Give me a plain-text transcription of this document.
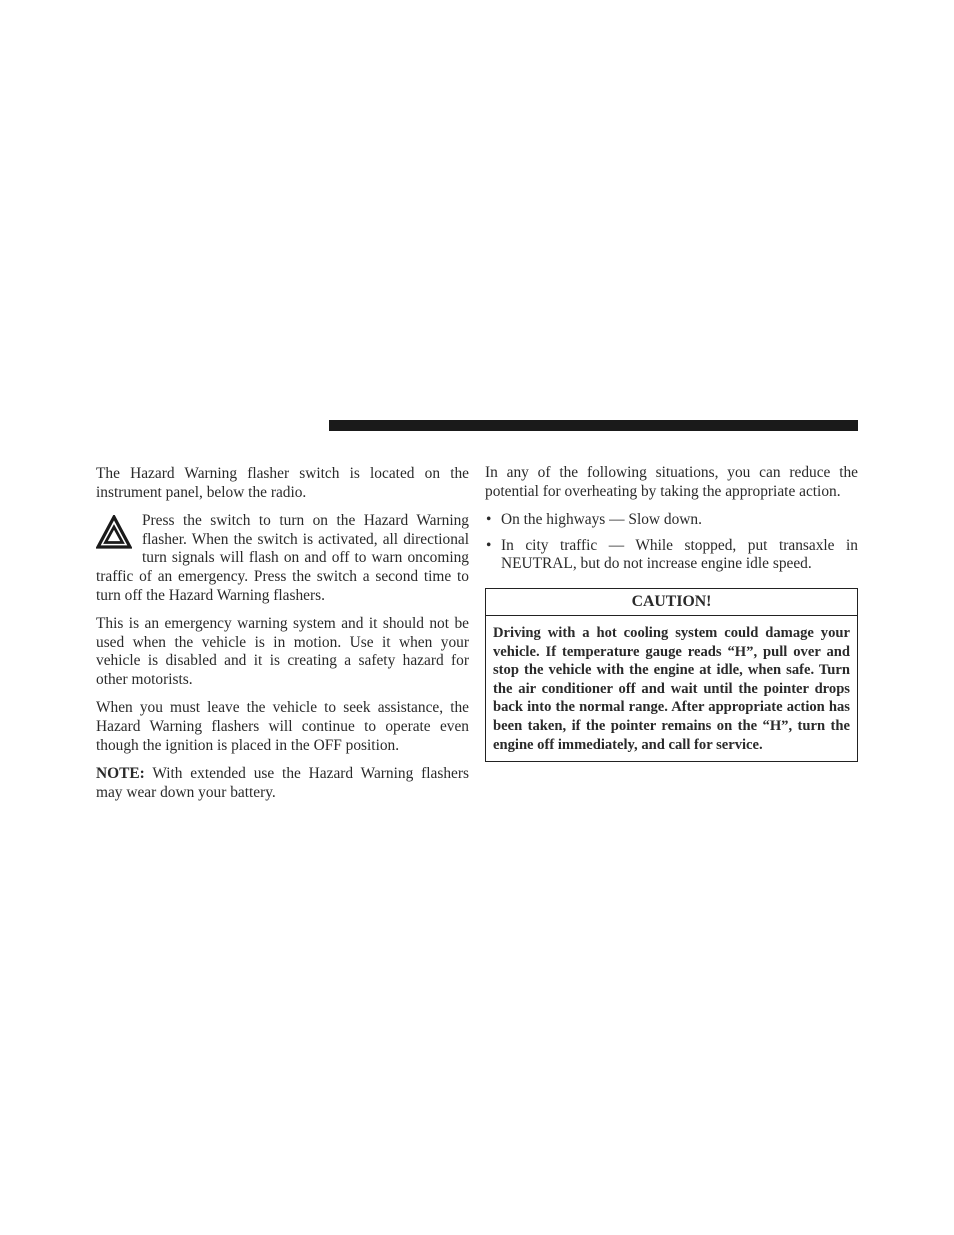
The Hazard Warning flasher switch is located on the instrument panel, below the radio.

Press the switch to turn on the Hazard Warning flasher. When the switch is activated, all directional turn signals will flash on and off to warn oncoming traffic of an emergency. Press the switch a second time to turn off the Hazard Warning flashers.

This is an emergency warning system and it should not be used when the vehicle is in motion. Use it when your vehicle is disabled and it is creating a safety hazard for other motorists.

When you must leave the vehicle to seek assistance, the Hazard Warning flashers will continue to operate even though the ignition is placed in the OFF position.

NOTE: With extended use the Hazard Warning flashers may wear down your battery.

In any of the following situations, you can reduce the potential for overheating by taking the appropriate action.

• On the highways — Slow down.
• In city traffic — While stopped, put transaxle in NEUTRAL, but do not increase engine idle speed.
CAUTION!
Driving with a hot cooling system could damage your vehicle. If temperature gauge reads “H”, pull over and stop the vehicle with the engine at idle, when safe. Turn the air conditioner off and wait until the pointer drops back into the normal range. After appropriate action has been taken, if the pointer remains on the “H”, turn the engine off immediately, and call for service.
